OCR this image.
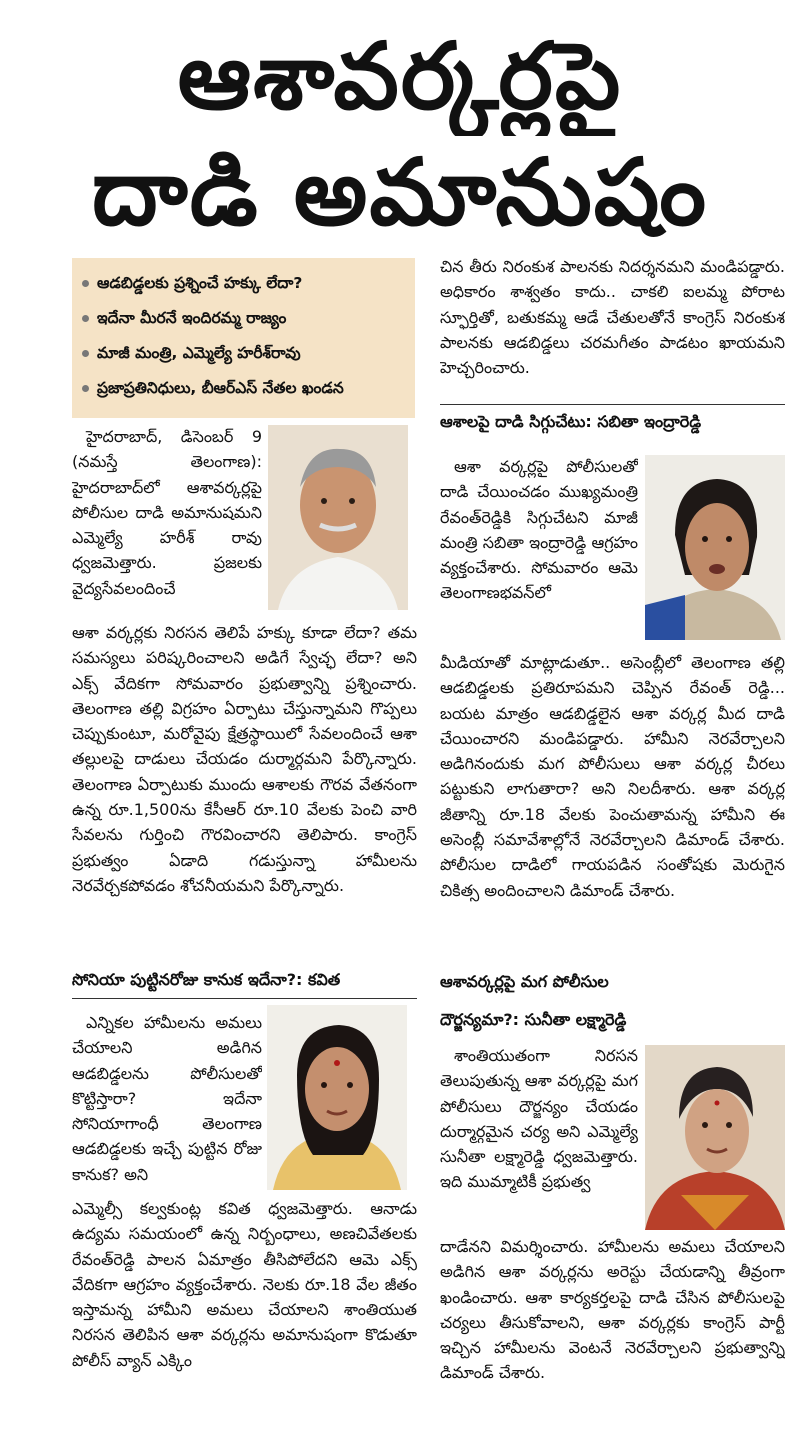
ఆశావర్కర్లపై
దాడి అమానుషం
ఆడబిడ్డలకు ప్రశ్నించే హక్కు లేదా?
ఇదేనా మీరనే ఇందిరమ్మ రాజ్యం
మాజీ మంత్రి, ఎమ్మెల్యే హరీశ్‌రావు
ప్రజాప్రతినిధులు, బీఆర్‌ఎస్ నేతల ఖండన
హైదరాబాద్, డిసెంబర్ 9 (నమస్తే తెలంగాణ): హైదరాబాద్‌లో ఆశావర్కర్లపై పోలీసుల దాడి అమానుషమని ఎమ్మెల్యే హరీశ్ రావు ధ్వజమెత్తారు. ప్రజలకు వైద్యసేవలందించే
ఆశా వర్కర్లకు నిరసన తెలిపే హక్కు కూడా లేదా? తమ సమస్యలు పరిష్కరించాలని అడిగే స్వేచ్ఛ లేదా? అని ఎక్స్ వేదికగా సోమవారం ప్రభుత్వాన్ని ప్రశ్నించారు. తెలంగాణ తల్లి విగ్రహం ఏర్పాటు చేస్తున్నామని గొప్పలు చెప్పుకుంటూ, మరోవైపు క్షేత్రస్థాయిలో సేవలందించే ఆశా తల్లులపై దాడులు చేయడం దుర్మార్గమని పేర్కొన్నారు. తెలంగాణ ఏర్పాటుకు ముందు ఆశాలకు గౌరవ వేతనంగా ఉన్న రూ.1,500ను కేసీఆర్ రూ.10 వేలకు పెంచి వారి సేవలను గుర్తించి గౌరవించారని తెలిపారు. కాంగ్రెస్ ప్రభుత్వం ఏడాది గడుస్తున్నా హామీలను నెరవేర్చకపోవడం శోచనీయమని పేర్కొన్నారు.
సోనియా పుట్టినరోజు కానుక ఇదేనా?: కవిత
ఎన్నికల హామీలను అమలు చేయాలని అడిగిన ఆడబిడ్డలను పోలీసులతో కొట్టిస్తారా? ఇదేనా సోనియాగాంధీ తెలంగాణ ఆడబిడ్డలకు ఇచ్చే పుట్టిన రోజు కానుక? అని
ఎమ్మెల్సీ కల్వకుంట్ల కవిత ధ్వజమెత్తారు. ఆనాడు ఉద్యమ సమయంలో ఉన్న నిర్బంధాలు, అణచివేతలకు రేవంత్‌రెడ్డి పాలన ఏమాత్రం తీసిపోలేదని ఆమె ఎక్స్ వేదికగా ఆగ్రహం వ్యక్తంచేశారు. నెలకు రూ.18 వేల జీతం ఇస్తామన్న హామీని అమలు చేయాలని శాంతియుత నిరసన తెలిపిన ఆశా వర్కర్లను అమానుషంగా కొడుతూ పోలీస్ వ్యాన్ ఎక్కిం
చిన తీరు నిరంకుశ పాలనకు నిదర్శనమని మండిపడ్డారు. అధికారం శాశ్వతం కాదు.. చాకలి ఐలమ్మ పోరాట స్ఫూర్తితో, బతుకమ్మ ఆడే చేతులతోనే కాంగ్రెస్ నిరంకుశ పాలనకు ఆడబిడ్డలు చరమగీతం పాడటం ఖాయమని హెచ్చరించారు.
ఆశాలపై దాడి సిగ్గుచేటు: సబితా ఇంద్రారెడ్డి
ఆశా వర్కర్లపై పోలీసులతో దాడి చేయించడం ముఖ్యమంత్రి రేవంత్‌రెడ్డికి సిగ్గుచేటని మాజీ మంత్రి సబితా ఇంద్రారెడ్డి ఆగ్రహం వ్యక్తంచేశారు. సోమవారం ఆమె తెలంగాణభవన్‌లో
మీడియాతో మాట్లాడుతూ.. అసెంబ్లీలో తెలంగాణ తల్లి ఆడబిడ్డలకు ప్రతిరూపమని చెప్పిన రేవంత్ రెడ్డి... బయట మాత్రం ఆడబిడ్డలైన ఆశా వర్కర్ల మీద దాడి చేయించారని మండిపడ్డారు. హామీని నెరవేర్చాలని అడిగినందుకు మగ పోలీసులు ఆశా వర్కర్ల చీరలు పట్టుకుని లాగుతారా? అని నిలదీశారు. ఆశా వర్కర్ల జీతాన్ని రూ.18 వేలకు పెంచుతామన్న హామీని ఈ అసెంబ్లీ సమావేశాల్లోనే నెరవేర్చాలని డిమాండ్ చేశారు. పోలీసుల దాడిలో గాయపడిన సంతోషకు మెరుగైన చికిత్స అందించాలని డిమాండ్ చేశారు.
ఆశావర్కర్లపై మగ పోలీసుల
దౌర్జన్యమా?: సునీతా లక్ష్మారెడ్డి
శాంతియుతంగా నిరసన తెలుపుతున్న ఆశా వర్కర్లపై మగ పోలీసులు దౌర్జన్యం చేయడం దుర్మార్గమైన చర్య అని ఎమ్మెల్యే సునీతా లక్ష్మారెడ్డి ధ్వజమెత్తారు. ఇది ముమ్మాటికీ ప్రభుత్వ
దాడేనని విమర్శించారు. హామీలను అమలు చేయాలని అడిగిన ఆశా వర్కర్లను అరెస్టు చేయడాన్ని తీవ్రంగా ఖండించారు. ఆశా కార్యకర్తలపై దాడి చేసిన పోలీసులపై చర్యలు తీసుకోవాలని, ఆశా వర్కర్లకు కాంగ్రెస్ పార్టీ ఇచ్చిన హామీలను వెంటనే నెరవేర్చాలని ప్రభుత్వాన్ని డిమాండ్ చేశారు.
